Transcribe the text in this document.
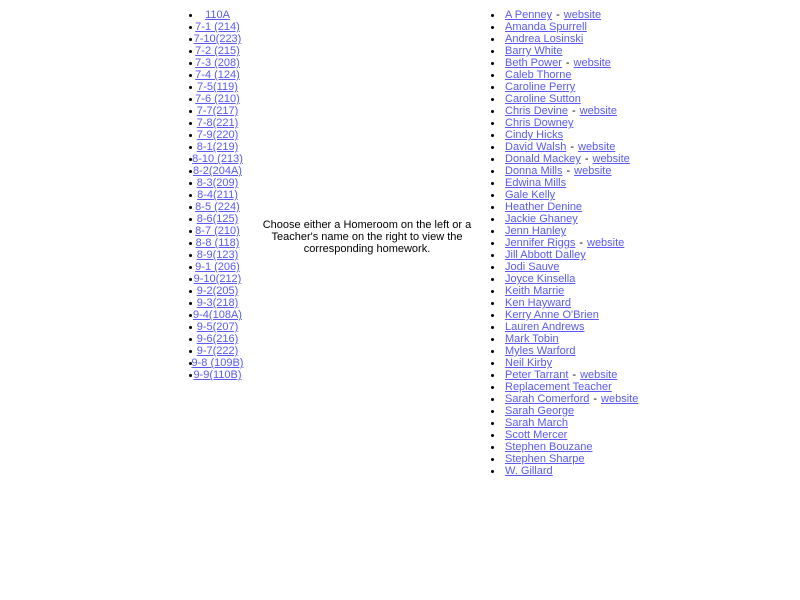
110A
7-1 (214)
7-10(223)
7-2 (215)
7-3 (208)
7-4 (124)
7-5(119)
7-6 (210)
7-7(217)
7-8(221)
7-9(220)
8-1(219)
8-10 (213)
8-2(204A)
8-3(209)
8-4(211)
8-5 (224)
8-6(125)
8-7 (210)
8-8 (118)
8-9(123)
9-1 (206)
9-10(212)
9-2(205)
9-3(218)
9-4(108A)
9-5(207)
9-6(216)
9-7(222)
9-8 (109B)
9-9(110B)
Choose either a Homeroom on the left or a Teacher's name on the right to view the corresponding homework.
A Penney - website
Amanda Spurrell
Andrea Losinski
Barry White
Beth Power - website
Caleb Thorne
Caroline Perry
Caroline Sutton
Chris Devine - website
Chris Downey
Cindy Hicks
David Walsh - website
Donald Mackey - website
Donna Mills - website
Edwina Mills
Gale Kelly
Heather Denine
Jackie Ghaney
Jenn Hanley
Jennifer Riggs - website
Jill Abbott Dalley
Jodi Sauve
Joyce Kinsella
Keith Marrie
Ken Hayward
Kerry Anne O'Brien
Lauren Andrews
Mark Tobin
Myles Warford
Neil Kirby
Peter Tarrant - website
Replacement Teacher
Sarah Comerford - website
Sarah George
Sarah March
Scott Mercer
Stephen Bouzane
Stephen Sharpe
W. Gillard
